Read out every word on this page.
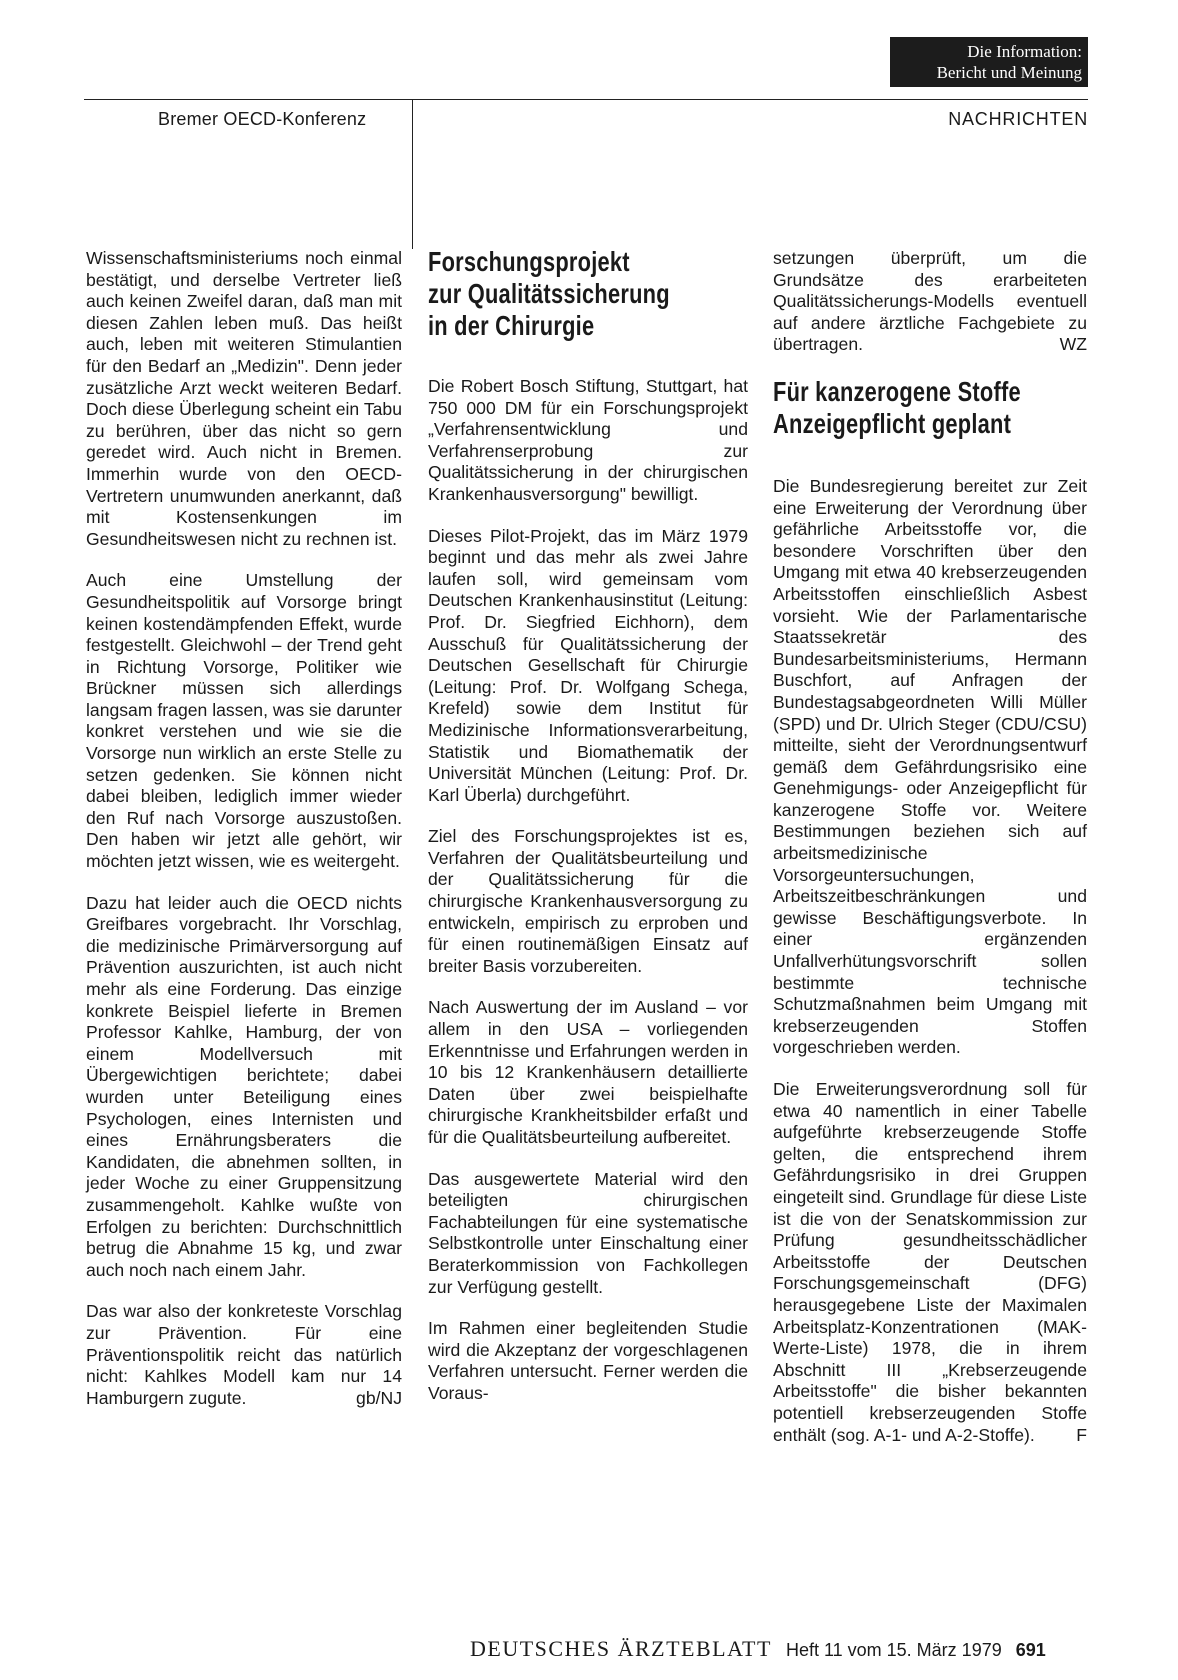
Die Information:
Bericht und Meinung
Bremer OECD-Konferenz	NACHRICHTEN

Wissenschaftsministeriums noch einmal bestätigt, und derselbe Vertreter ließ auch keinen Zweifel daran, daß man mit diesen Zahlen leben muß. Das heißt auch, leben mit weiteren Stimulantien für den Bedarf an „Medizin". Denn jeder zusätzliche Arzt weckt weiteren Bedarf. Doch diese Überlegung scheint ein Tabu zu berühren, über das nicht so gern geredet wird. Auch nicht in Bremen. Immerhin wurde von den OECD-Vertretern unumwunden anerkannt, daß mit Kostensenkungen im Gesundheitswesen nicht zu rechnen ist.

Auch eine Umstellung der Gesundheitspolitik auf Vorsorge bringt keinen kostendämpfenden Effekt, wurde festgestellt. Gleichwohl – der Trend geht in Richtung Vorsorge, Politiker wie Brückner müssen sich allerdings langsam fragen lassen, was sie darunter konkret verstehen und wie sie die Vorsorge nun wirklich an erste Stelle zu setzen gedenken. Sie können nicht dabei bleiben, lediglich immer wieder den Ruf nach Vorsorge auszustoßen. Den haben wir jetzt alle gehört, wir möchten jetzt wissen, wie es weitergeht.

Dazu hat leider auch die OECD nichts Greifbares vorgebracht. Ihr Vorschlag, die medizinische Primärversorgung auf Prävention auszurichten, ist auch nicht mehr als eine Forderung. Das einzige konkrete Beispiel lieferte in Bremen Professor Kahlke, Hamburg, der von einem Modellversuch mit Übergewichtigen berichtete; dabei wurden unter Beteiligung eines Psychologen, eines Internisten und eines Ernährungsberaters die Kandidaten, die abnehmen sollten, in jeder Woche zu einer Gruppensitzung zusammengeholt. Kahlke wußte von Erfolgen zu berichten: Durchschnittlich betrug die Abnahme 15 kg, und zwar auch noch nach einem Jahr.

Das war also der konkreteste Vorschlag zur Prävention. Für eine Präventionspolitik reicht das natürlich nicht: Kahlkes Modell kam nur 14 Hamburgern zugute.	gb/NJ

Forschungsprojekt
zur Qualitätssicherung
in der Chirurgie

Die Robert Bosch Stiftung, Stuttgart, hat 750 000 DM für ein Forschungsprojekt „Verfahrensentwicklung und Verfahrenserprobung zur Qualitätssicherung in der chirurgischen Krankenhausversorgung" bewilligt.

Dieses Pilot-Projekt, das im März 1979 beginnt und das mehr als zwei Jahre laufen soll, wird gemeinsam vom Deutschen Krankenhausinstitut (Leitung: Prof. Dr. Siegfried Eichhorn), dem Ausschuß für Qualitätssicherung der Deutschen Gesellschaft für Chirurgie (Leitung: Prof. Dr. Wolfgang Schega, Krefeld) sowie dem Institut für Medizinische Informationsverarbeitung, Statistik und Biomathematik der Universität München (Leitung: Prof. Dr. Karl Überla) durchgeführt.

Ziel des Forschungsprojektes ist es, Verfahren der Qualitätsbeurteilung und der Qualitätssicherung für die chirurgische Krankenhausversorgung zu entwickeln, empirisch zu erproben und für einen routinemäßigen Einsatz auf breiter Basis vorzubereiten.

Nach Auswertung der im Ausland – vor allem in den USA – vorliegenden Erkenntnisse und Erfahrungen werden in 10 bis 12 Krankenhäusern detaillierte Daten über zwei beispielhafte chirurgische Krankheitsbilder erfaßt und für die Qualitätsbeurteilung aufbereitet.

Das ausgewertete Material wird den beteiligten chirurgischen Fachabteilungen für eine systematische Selbstkontrolle unter Einschaltung einer Beraterkommission von Fachkollegen zur Verfügung gestellt.

Im Rahmen einer begleitenden Studie wird die Akzeptanz der vorgeschlagenen Verfahren untersucht. Ferner werden die Voraus-

setzungen überprüft, um die Grundsätze des erarbeiteten Qualitätssicherungs-Modells eventuell auf andere ärztliche Fachgebiete zu übertragen.	WZ

Für kanzerogene Stoffe
Anzeigepflicht geplant

Die Bundesregierung bereitet zur Zeit eine Erweiterung der Verordnung über gefährliche Arbeitsstoffe vor, die besondere Vorschriften über den Umgang mit etwa 40 krebserzeugenden Arbeitsstoffen einschließlich Asbest vorsieht. Wie der Parlamentarische Staatssekretär des Bundesarbeitsministeriums, Hermann Buschfort, auf Anfragen der Bundestagsabgeordneten Willi Müller (SPD) und Dr. Ulrich Steger (CDU/CSU) mitteilte, sieht der Verordnungsentwurf gemäß dem Gefährdungsrisiko eine Genehmigungs- oder Anzeigepflicht für kanzerogene Stoffe vor. Weitere Bestimmungen beziehen sich auf arbeitsmedizinische Vorsorgeuntersuchungen, Arbeitszeitbeschränkungen und gewisse Beschäftigungsverbote. In einer ergänzenden Unfallverhütungsvorschrift sollen bestimmte technische Schutzmaßnahmen beim Umgang mit krebserzeugenden Stoffen vorgeschrieben werden.

Die Erweiterungsverordnung soll für etwa 40 namentlich in einer Tabelle aufgeführte krebserzeugende Stoffe gelten, die entsprechend ihrem Gefährdungsrisiko in drei Gruppen eingeteilt sind. Grundlage für diese Liste ist die von der Senatskommission zur Prüfung gesundheitsschädlicher Arbeitsstoffe der Deutschen Forschungsgemeinschaft (DFG) herausgegebene Liste der Maximalen Arbeitsplatz-Konzentrationen (MAK-Werte-Liste) 1978, die in ihrem Abschnitt III „Krebserzeugende Arbeitsstoffe" die bisher bekannten potentiell krebserzeugenden Stoffe enthält (sog. A-1- und A-2-Stoffe). F

DEUTSCHES ÄRZTEBLATT Heft 11 vom 15. März 1979 691
